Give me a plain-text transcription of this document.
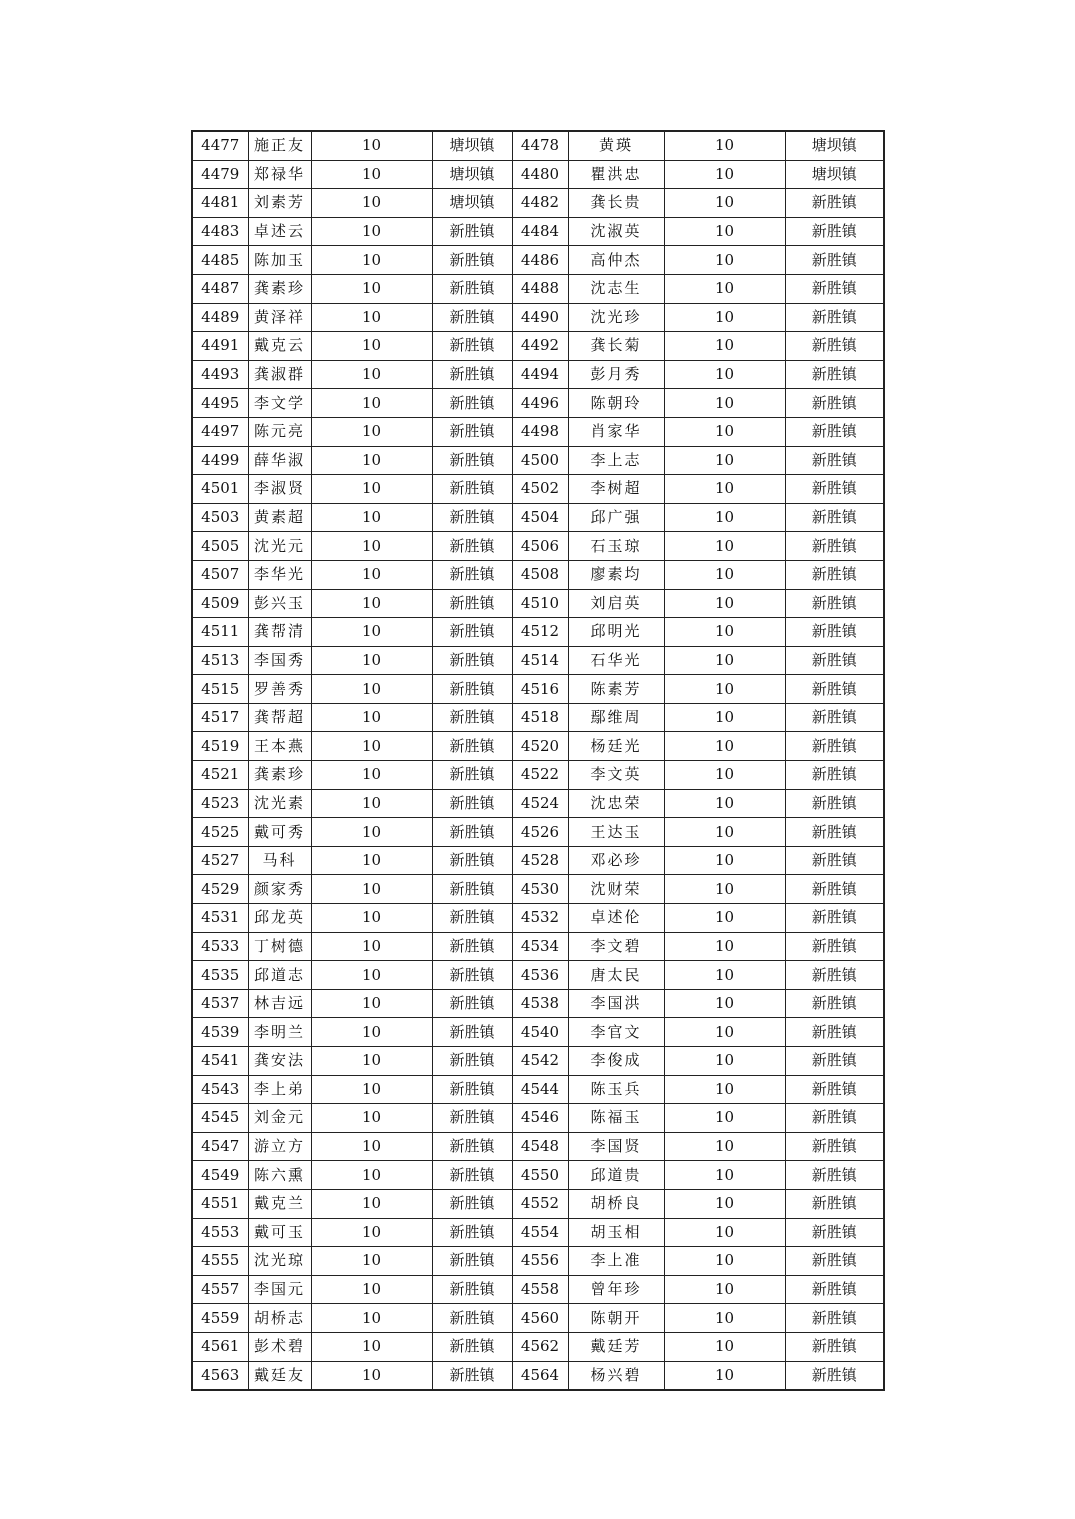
4477	施正友	10	塘坝镇	4478	黄瑛	10	塘坝镇
4479	郑禄华	10	塘坝镇	4480	瞿洪忠	10	塘坝镇
4481	刘素芳	10	塘坝镇	4482	龚长贵	10	新胜镇
4483	卓述云	10	新胜镇	4484	沈淑英	10	新胜镇
4485	陈加玉	10	新胜镇	4486	高仲杰	10	新胜镇
4487	龚素珍	10	新胜镇	4488	沈志生	10	新胜镇
4489	黄泽祥	10	新胜镇	4490	沈光珍	10	新胜镇
4491	戴克云	10	新胜镇	4492	龚长菊	10	新胜镇
4493	龚淑群	10	新胜镇	4494	彭月秀	10	新胜镇
4495	李文学	10	新胜镇	4496	陈朝玲	10	新胜镇
4497	陈元亮	10	新胜镇	4498	肖家华	10	新胜镇
4499	薛华淑	10	新胜镇	4500	李上志	10	新胜镇
4501	李淑贤	10	新胜镇	4502	李树超	10	新胜镇
4503	黄素超	10	新胜镇	4504	邱广强	10	新胜镇
4505	沈光元	10	新胜镇	4506	石玉琼	10	新胜镇
4507	李华光	10	新胜镇	4508	廖素均	10	新胜镇
4509	彭兴玉	10	新胜镇	4510	刘启英	10	新胜镇
4511	龚帮清	10	新胜镇	4512	邱明光	10	新胜镇
4513	李国秀	10	新胜镇	4514	石华光	10	新胜镇
4515	罗善秀	10	新胜镇	4516	陈素芳	10	新胜镇
4517	龚帮超	10	新胜镇	4518	鄢维周	10	新胜镇
4519	王本燕	10	新胜镇	4520	杨廷光	10	新胜镇
4521	龚素珍	10	新胜镇	4522	李文英	10	新胜镇
4523	沈光素	10	新胜镇	4524	沈忠荣	10	新胜镇
4525	戴可秀	10	新胜镇	4526	王达玉	10	新胜镇
4527	马科	10	新胜镇	4528	邓必珍	10	新胜镇
4529	颜家秀	10	新胜镇	4530	沈财荣	10	新胜镇
4531	邱龙英	10	新胜镇	4532	卓述伦	10	新胜镇
4533	丁树德	10	新胜镇	4534	李文碧	10	新胜镇
4535	邱道志	10	新胜镇	4536	唐太民	10	新胜镇
4537	林吉远	10	新胜镇	4538	李国洪	10	新胜镇
4539	李明兰	10	新胜镇	4540	李官文	10	新胜镇
4541	龚安法	10	新胜镇	4542	李俊成	10	新胜镇
4543	李上弟	10	新胜镇	4544	陈玉兵	10	新胜镇
4545	刘金元	10	新胜镇	4546	陈福玉	10	新胜镇
4547	游立方	10	新胜镇	4548	李国贤	10	新胜镇
4549	陈六熏	10	新胜镇	4550	邱道贵	10	新胜镇
4551	戴克兰	10	新胜镇	4552	胡桥良	10	新胜镇
4553	戴可玉	10	新胜镇	4554	胡玉相	10	新胜镇
4555	沈光琼	10	新胜镇	4556	李上准	10	新胜镇
4557	李国元	10	新胜镇	4558	曾年珍	10	新胜镇
4559	胡桥志	10	新胜镇	4560	陈朝开	10	新胜镇
4561	彭术碧	10	新胜镇	4562	戴廷芳	10	新胜镇
4563	戴廷友	10	新胜镇	4564	杨兴碧	10	新胜镇
